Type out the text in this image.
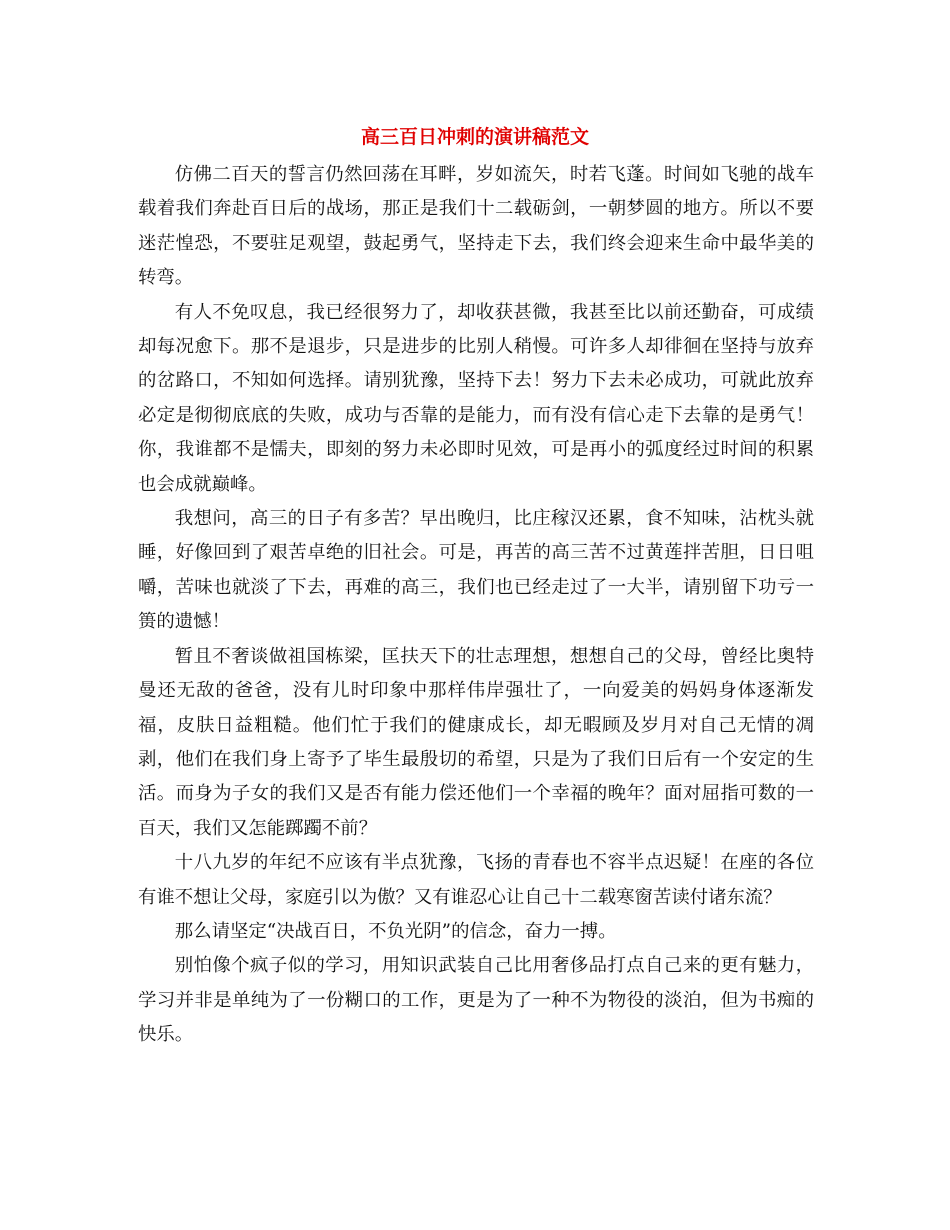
高三百日冲刺的演讲稿范文

仿佛二百天的誓言仍然回荡在耳畔，岁如流矢，时若飞蓬。时间如飞驰的战车载着我们奔赴百日后的战场，那正是我们十二载砺剑，一朝梦圆的地方。所以不要迷茫惶恐，不要驻足观望，鼓起勇气，坚持走下去，我们终会迎来生命中最华美的转弯。

有人不免叹息，我已经很努力了，却收获甚微，我甚至比以前还勤奋，可成绩却每况愈下。那不是退步，只是进步的比别人稍慢。可许多人却徘徊在坚持与放弃的岔路口，不知如何选择。请别犹豫，坚持下去！努力下去未必成功，可就此放弃必定是彻彻底底的失败，成功与否靠的是能力，而有没有信心走下去靠的是勇气！你，我谁都不是懦夫，即刻的努力未必即时见效，可是再小的弧度经过时间的积累也会成就巅峰。

我想问，高三的日子有多苦？早出晚归，比庄稼汉还累，食不知味，沾枕头就睡，好像回到了艰苦卓绝的旧社会。可是，再苦的高三苦不过黄莲拌苦胆，日日咀嚼，苦味也就淡了下去，再难的高三，我们也已经走过了一大半，请别留下功亏一篑的遗憾！

暂且不奢谈做祖国栋梁，匡扶天下的壮志理想，想想自己的父母，曾经比奥特曼还无敌的爸爸，没有儿时印象中那样伟岸强壮了，一向爱美的妈妈身体逐渐发福，皮肤日益粗糙。他们忙于我们的健康成长，却无暇顾及岁月对自己无情的凋剥，他们在我们身上寄予了毕生最殷切的希望，只是为了我们日后有一个安定的生活。而身为子女的我们又是否有能力偿还他们一个幸福的晚年？面对屈指可数的一百天，我们又怎能踯躅不前？

十八九岁的年纪不应该有半点犹豫，飞扬的青春也不容半点迟疑！在座的各位有谁不想让父母，家庭引以为傲？又有谁忍心让自己十二载寒窗苦读付诸东流？

那么请坚定“决战百日，不负光阴”的信念，奋力一搏。

别怕像个疯子似的学习，用知识武装自己比用奢侈品打点自己来的更有魅力，学习并非是单纯为了一份糊口的工作，更是为了一种不为物役的淡泊，但为书痴的快乐。
